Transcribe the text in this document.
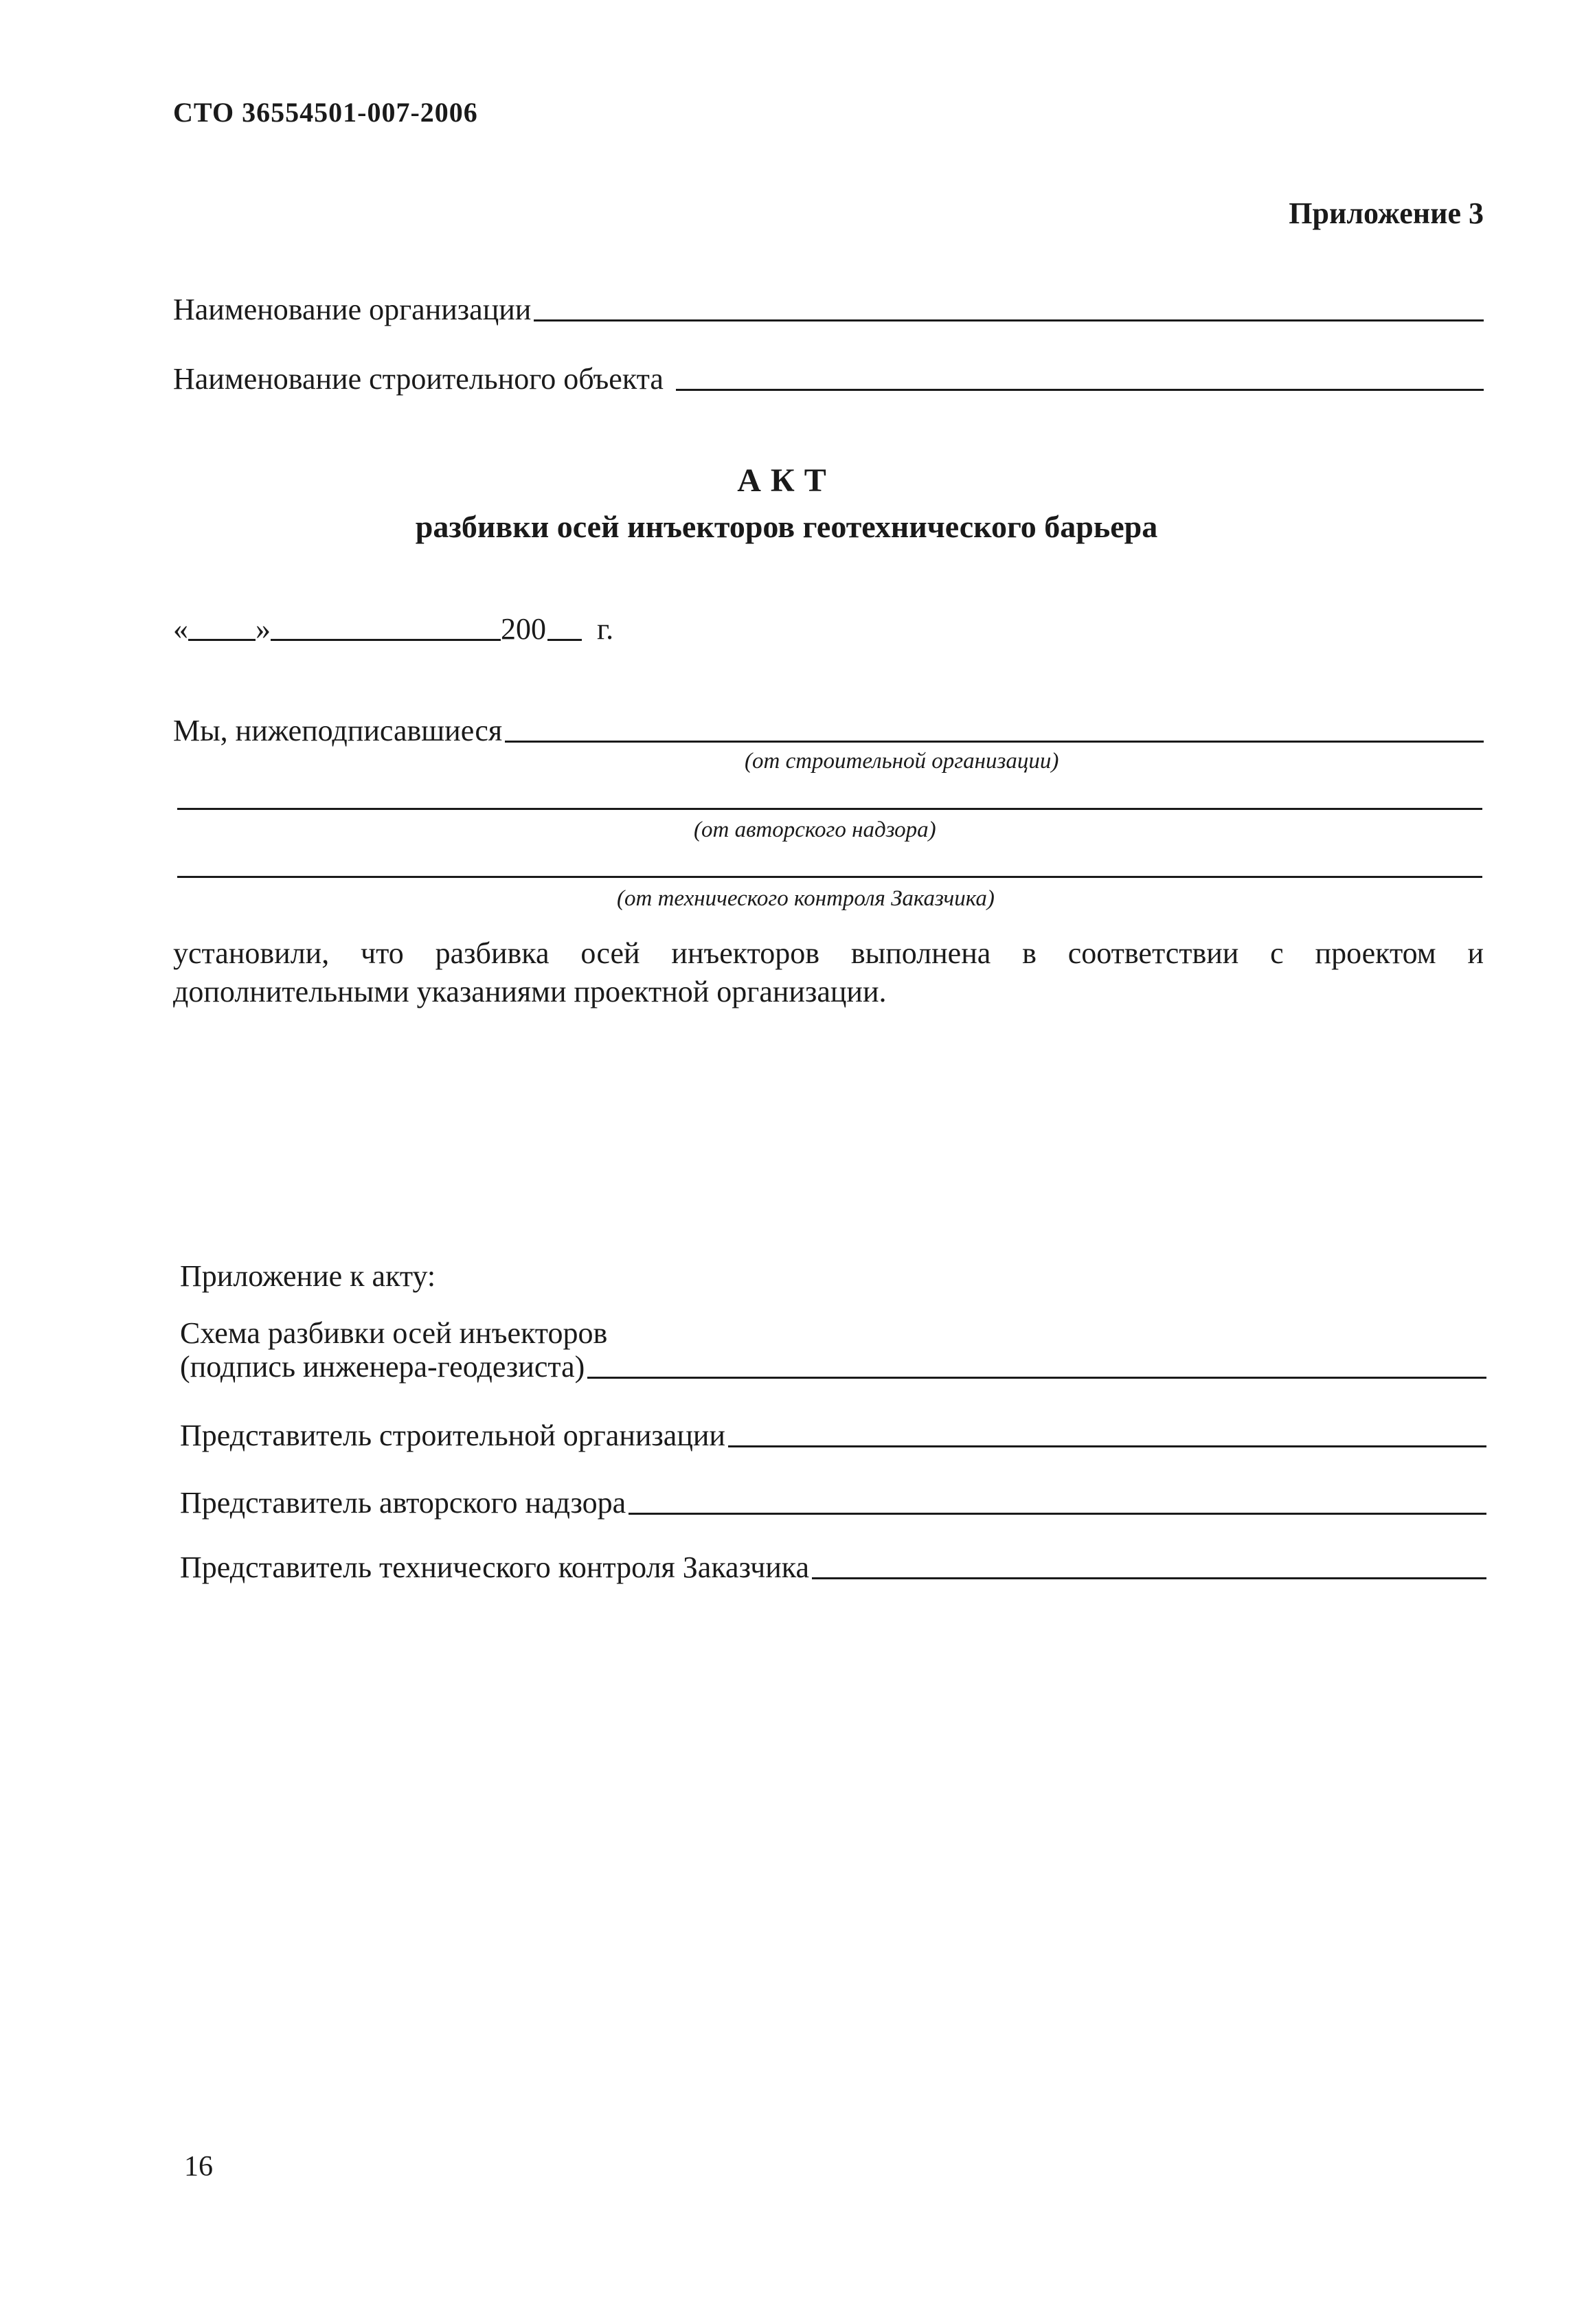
СТО 36554501-007-2006
Приложение 3
Наименование организации
Наименование строительного объекта
АКТ
разбивки осей инъекторов геотехнического барьера
« »	200 г.
Мы, нижеподписавшиеся
(от строительной организации)
(от авторского надзора)
(от технического контроля Заказчика)
установили, что разбивка осей инъекторов выполнена в соответствии с проектом и дополнительными указаниями проектной организации.
Приложение к акту:
Схема разбивки осей инъекторов
(подпись инженера-геодезиста)
Представитель строительной организации
Представитель авторского надзора
Представитель технического контроля Заказчика
16
